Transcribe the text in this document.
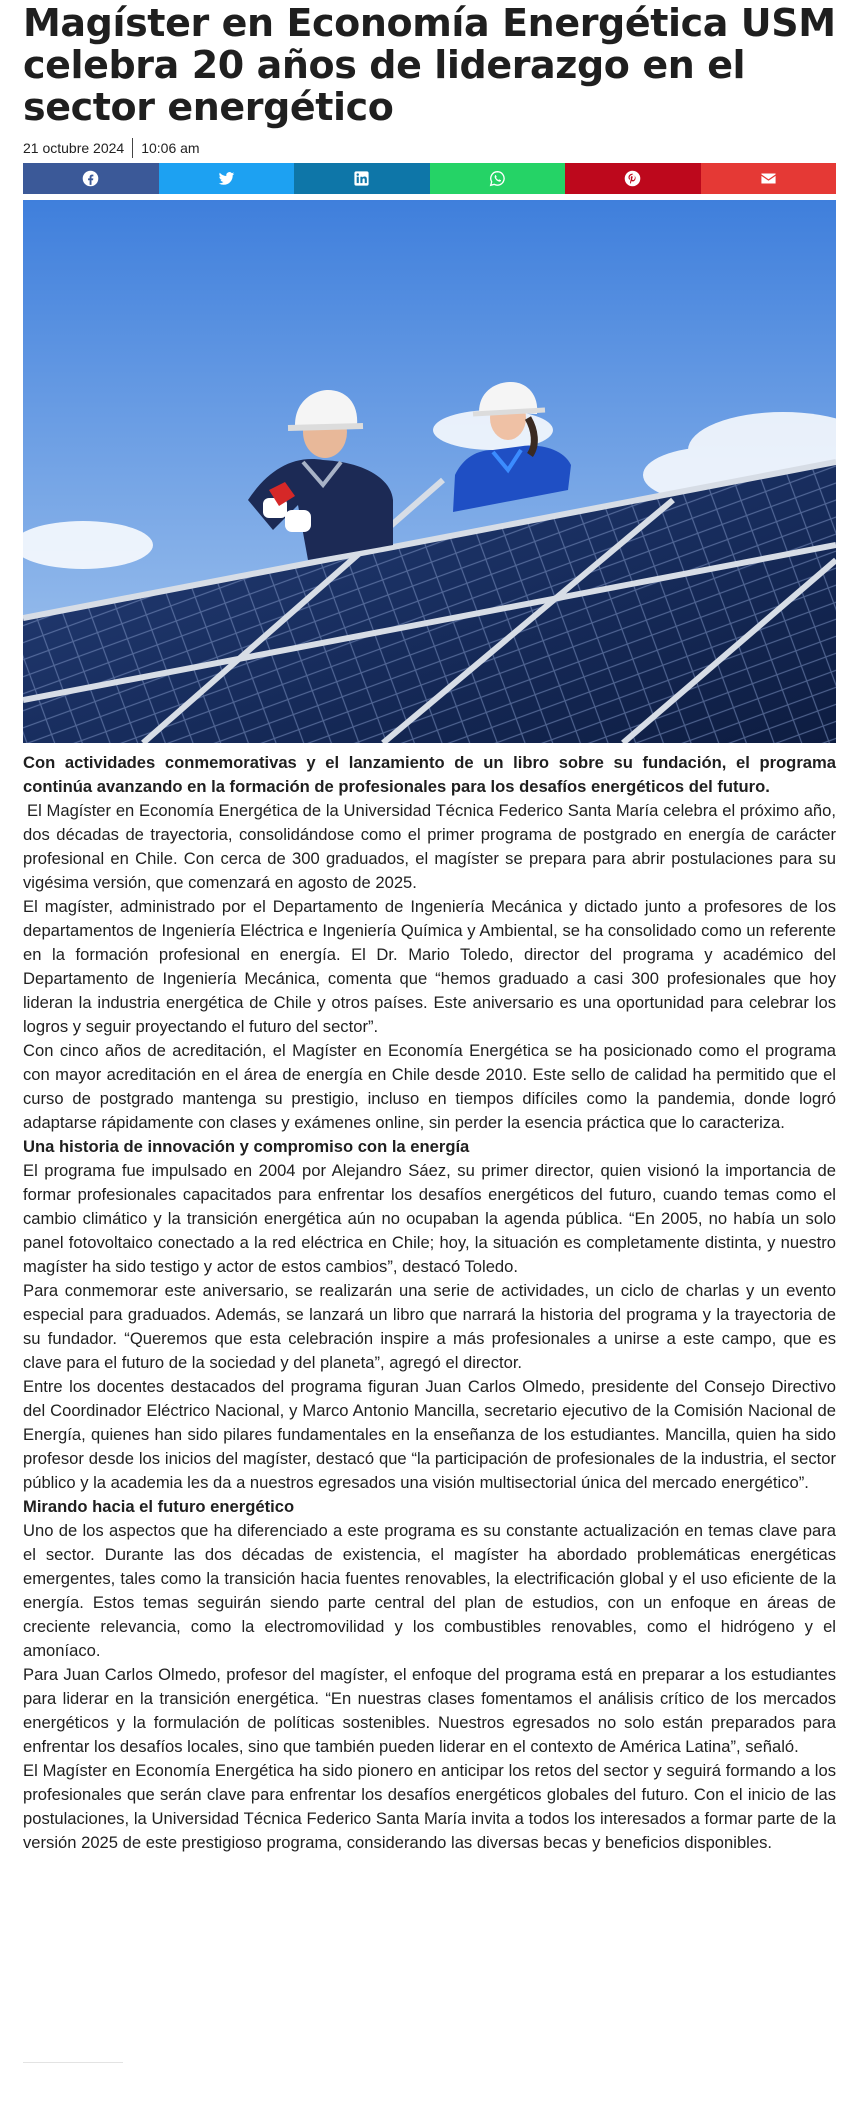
Magíster en Economía Energética USM celebra 20 años de liderazgo en el sector energético
21 octubre 2024 10:06 am

Con actividades conmemorativas y el lanzamiento de un libro sobre su fundación, el programa continúa avanzando en la formación de profesionales para los desafíos energéticos del futuro.

El Magíster en Economía Energética de la Universidad Técnica Federico Santa María celebra el próximo año, dos décadas de trayectoria, consolidándose como el primer programa de postgrado en energía de carácter profesional en Chile. Con cerca de 300 graduados, el magíster se prepara para abrir postulaciones para su vigésima versión, que comenzará en agosto de 2025.

El magíster, administrado por el Departamento de Ingeniería Mecánica y dictado junto a profesores de los departamentos de Ingeniería Eléctrica e Ingeniería Química y Ambiental, se ha consolidado como un referente en la formación profesional en energía. El Dr. Mario Toledo, director del programa y académico del Departamento de Ingeniería Mecánica, comenta que “hemos graduado a casi 300 profesionales que hoy lideran la industria energética de Chile y otros países. Este aniversario es una oportunidad para celebrar los logros y seguir proyectando el futuro del sector”.

Con cinco años de acreditación, el Magíster en Economía Energética se ha posicionado como el programa con mayor acreditación en el área de energía en Chile desde 2010. Este sello de calidad ha permitido que el curso de postgrado mantenga su prestigio, incluso en tiempos difíciles como la pandemia, donde logró adaptarse rápidamente con clases y exámenes online, sin perder la esencia práctica que lo caracteriza.

Una historia de innovación y compromiso con la energía

El programa fue impulsado en 2004 por Alejandro Sáez, su primer director, quien visionó la importancia de formar profesionales capacitados para enfrentar los desafíos energéticos del futuro, cuando temas como el cambio climático y la transición energética aún no ocupaban la agenda pública. “En 2005, no había un solo panel fotovoltaico conectado a la red eléctrica en Chile; hoy, la situación es completamente distinta, y nuestro magíster ha sido testigo y actor de estos cambios”, destacó Toledo.

Para conmemorar este aniversario, se realizarán una serie de actividades, un ciclo de charlas y un evento especial para graduados. Además, se lanzará un libro que narrará la historia del programa y la trayectoria de su fundador. “Queremos que esta celebración inspire a más profesionales a unirse a este campo, que es clave para el futuro de la sociedad y del planeta”, agregó el director.

Entre los docentes destacados del programa figuran Juan Carlos Olmedo, presidente del Consejo Directivo del Coordinador Eléctrico Nacional, y Marco Antonio Mancilla, secretario ejecutivo de la Comisión Nacional de Energía, quienes han sido pilares fundamentales en la enseñanza de los estudiantes. Mancilla, quien ha sido profesor desde los inicios del magíster, destacó que “la participación de profesionales de la industria, el sector público y la academia les da a nuestros egresados una visión multisectorial única del mercado energético”.

Mirando hacia el futuro energético

Uno de los aspectos que ha diferenciado a este programa es su constante actualización en temas clave para el sector. Durante las dos décadas de existencia, el magíster ha abordado problemáticas energéticas emergentes, tales como la transición hacia fuentes renovables, la electrificación global y el uso eficiente de la energía. Estos temas seguirán siendo parte central del plan de estudios, con un enfoque en áreas de creciente relevancia, como la electromovilidad y los combustibles renovables, como el hidrógeno y el amoníaco.

Para Juan Carlos Olmedo, profesor del magíster, el enfoque del programa está en preparar a los estudiantes para liderar en la transición energética. “En nuestras clases fomentamos el análisis crítico de los mercados energéticos y la formulación de políticas sostenibles. Nuestros egresados no solo están preparados para enfrentar los desafíos locales, sino que también pueden liderar en el contexto de América Latina”, señaló.

El Magíster en Economía Energética ha sido pionero en anticipar los retos del sector y seguirá formando a los profesionales que serán clave para enfrentar los desafíos energéticos globales del futuro. Con el inicio de las postulaciones, la Universidad Técnica Federico Santa María invita a todos los interesados a formar parte de la versión 2025 de este prestigioso programa, considerando las diversas becas y beneficios disponibles.
